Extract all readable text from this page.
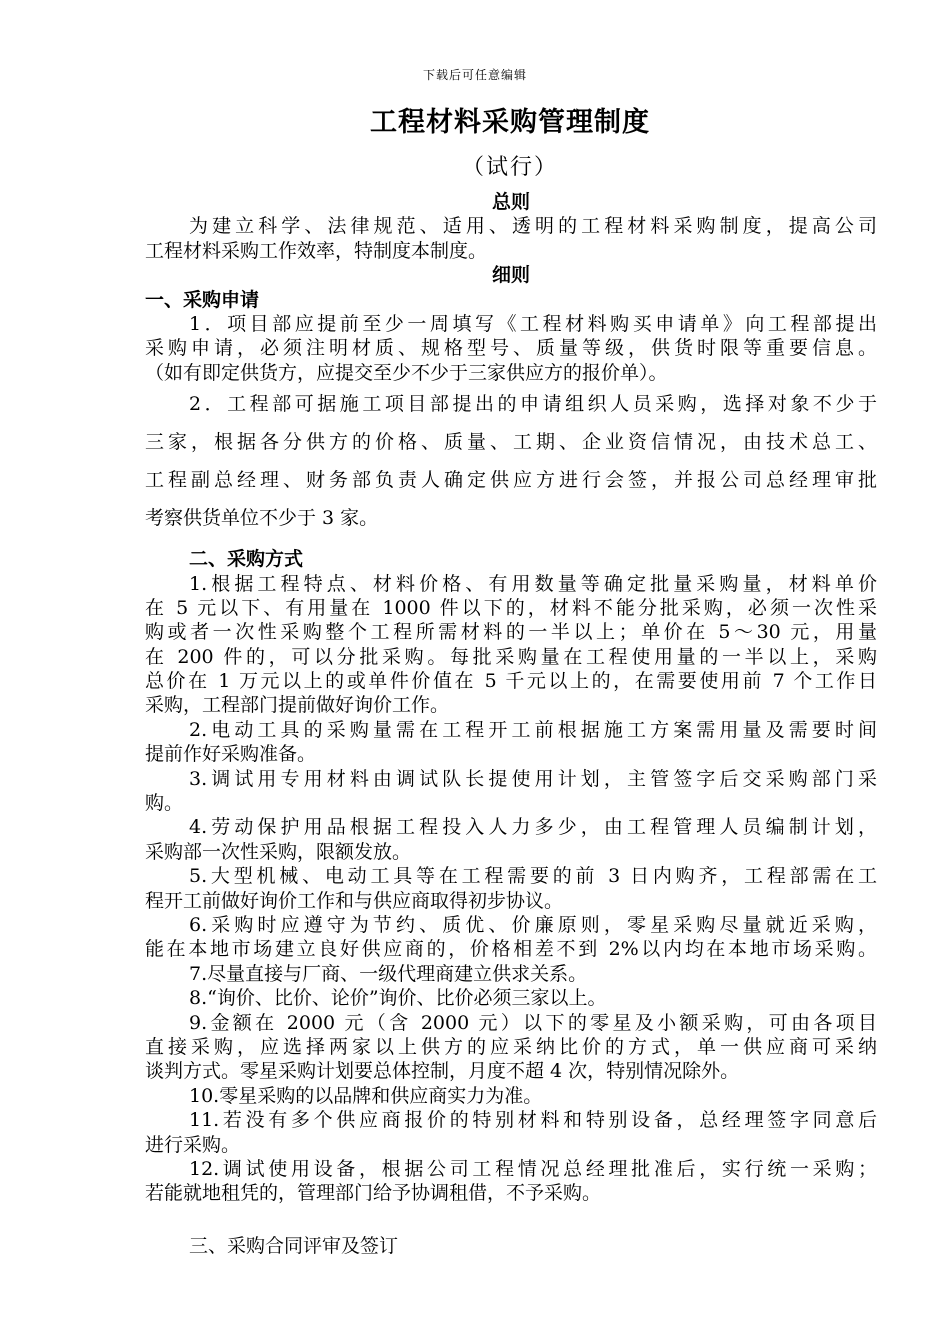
下载后可任意编辑
工程材料采购管理制度
（试行）
总则
为建立科学、法律规范、适用、透明的工程材料采购制度，提高公司
工程材料采购工作效率，特制度本制度。
细则
一、采购申请
1．项目部应提前至少一周填写《工程材料购买申请单》向工程部提出
采购申请，必须注明材质、规格型号、质量等级，供货时限等重要信息。
（如有即定供货方，应提交至少不少于三家供应方的报价单）。
2．工程部可据施工项目部提出的申请组织人员采购，选择对象不少于
三家，根据各分供方的价格、质量、工期、企业资信情况，由技术总工、
工程副总经理、财务部负责人确定供应方进行会签，并报公司总经理审批
考察供货单位不少于 3 家。
二、采购方式
1.根据工程特点、材料价格、有用数量等确定批量采购量，材料单价
在 5 元以下、有用量在 1000 件以下的，材料不能分批采购，必须一次性采
购或者一次性采购整个工程所需材料的一半以上；单价在 5～30 元，用量
在 200 件的，可以分批采购。每批采购量在工程使用量的一半以上，采购
总价在 1 万元以上的或单件价值在 5 千元以上的，在需要使用前 7 个工作日
采购，工程部门提前做好询价工作。
2.电动工具的采购量需在工程开工前根据施工方案需用量及需要时间
提前作好采购准备。
3.调试用专用材料由调试队长提使用计划，主管签字后交采购部门采
购。
4.劳动保护用品根据工程投入人力多少，由工程管理人员编制计划，
采购部一次性采购，限额发放。
5.大型机械、电动工具等在工程需要的前 3 日内购齐，工程部需在工
程开工前做好询价工作和与供应商取得初步协议。
6.采购时应遵守为节约、质优、价廉原则，零星采购尽量就近采购，
能在本地市场建立良好供应商的，价格相差不到 2%以内均在本地市场采购。
7.尽量直接与厂商、一级代理商建立供求关系。
8.“询价、比价、论价”询价、比价必须三家以上。
9.金额在 2000 元（含 2000 元）以下的零星及小额采购，可由各项目
直接采购，应选择两家以上供方的应采纳比价的方式，单一供应商可采纳
谈判方式。零星采购计划要总体控制，月度不超 4 次，特别情况除外。
10.零星采购的以品牌和供应商实力为准。
11.若没有多个供应商报价的特别材料和特别设备，总经理签字同意后
进行采购。
12.调试使用设备，根据公司工程情况总经理批准后，实行统一采购；
若能就地租凭的，管理部门给予协调租借，不予采购。
三、采购合同评审及签订
